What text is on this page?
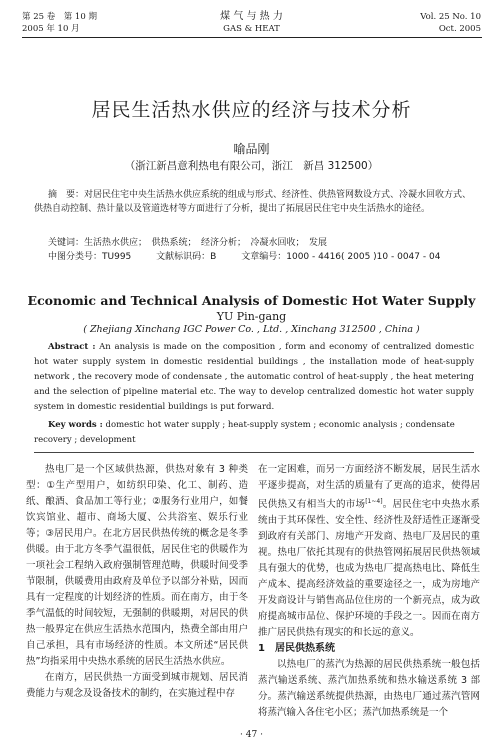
第 25 卷　第 10 期
2005 年 10 月
煤 气 与 热 力
GAS & HEAT
Vol. 25 No. 10
Oct. 2005
居民生活热水供应的经济与技术分析
喻品刚
（浙江新昌意利热电有限公司，浙江　新昌 312500）
摘　要：对居民住宅中央生活热水供应系统的组成与形式、经济性、供热管网数设方式、冷凝水回收方式、供热自动控制、热计量以及管道选材等方面进行了分析，提出了拓展居民住宅中央生活热水的途径。
关键词：生活热水供应；　供热系统；　经济分析；　冷凝水回收；　发展
中图分类号：TU995	文献标识码：B	文章编号：1000 - 4416( 2005 )10 - 0047 - 04
Economic and Technical Analysis of Domestic Hot Water Supply
YU Pin-gang
( Zhejiang Xinchang IGC Power Co. , Ltd. , Xinchang 312500 , China )
Abstract : An analysis is made on the composition , form and economy of centralized domestic hot water supply system in domestic residential buildings , the installation mode of heat-supply network , the recovery mode of condensate , the automatic control of heat-supply , the heat metering and the selection of pipeline material etc. The way to develop centralized domestic hot water supply system in domestic residential buildings is put forward.
Key words : domestic hot water supply ; heat-supply system ; economic analysis ; condensate recovery ; development

热电厂是一个区域供热源，供热对象有 3 种类型：①生产型用户，如纺织印染、化工、制药、造纸、酿酒、食品加工等行业；②服务行业用户，如餐饮宾馆业、超市、商场大厦、公共浴室、娱乐行业等；③居民用户。在北方居民供热传统的概念是冬季供暖。由于北方冬季气温很低，居民住宅的供暖作为一项社会工程纳入政府强制管理范畴，供暖时间受季节限制，供暖费用由政府及单位予以部分补贴，因而具有一定程度的计划经济的性质。而在南方，由于冬季气温低的时间较短，无强制的供暖期，对居民的供热一般界定在供应生活热水范围内，热费全部由用户自己承担，具有市场经济的性质。本文所述“居民供热”均指采用中央热水系统的居民生活热水供应。

在南方，居民供热一方面受到城市规划、居民消费能力与观念及设备技术的制约，在实施过程中存

在一定困难，而另一方面经济不断发展，居民生活水平逐步提高，对生活的质量有了更高的追求，使得居民供热又有相当大的市场[1~4]。居民住宅中央热水系统由于其环保性、安全性、经济性及舒适性正逐渐受到政府有关部门、房地产开发商、热电厂及居民的重视。热电厂依托其现有的供热管网拓展居民供热领域具有强大的优势，也成为热电厂提高热电比、降低生产成本、提高经济效益的重要途径之一，成为房地产开发商设计与销售高品位住房的一个新亮点，成为政府提高城市品位、保护环境的手段之一。因而在南方推广居民供热有现实的和长远的意义。

1　居民供热系统

以热电厂的蒸汽为热源的居民供热系统一般包括蒸汽输送系统、蒸汽加热系统和热水输送系统 3 部分。蒸汽输送系统提供热源，由热电厂通过蒸汽管网将蒸汽输入各住宅小区；蒸汽加热系统是一个

· 47 ·
